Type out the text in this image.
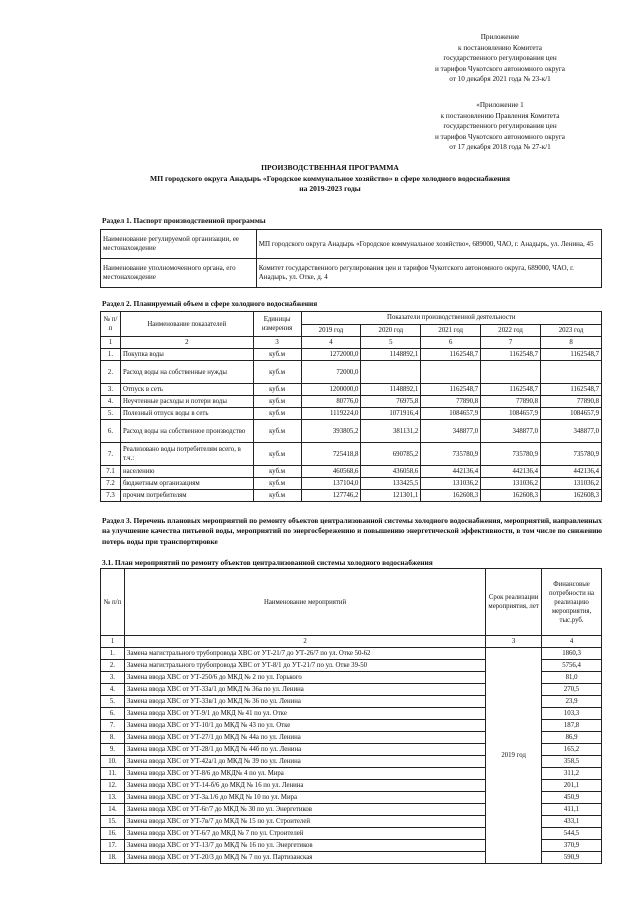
Приложение
к постановлению Комитета
государственного регулирования цен
и тарифов Чукотского автономного округа
от 10 декабря 2021 года № 23-к/1
«Приложение 1
к постановлению Правления Комитета
государственного регулирования цен
и тарифов Чукотского автономного округа
от 17 декабря 2018 года № 27-к/1
ПРОИЗВОДСТВЕННАЯ ПРОГРАММА
МП городского округа Анадырь «Городское коммунальное хозяйство» в сфере холодного водоснабжения
на 2019-2023 годы
Раздел 1. Паспорт производственной программы
Наименование регулируемой организации, ее местонахождение	МП городского округа Анадырь «Городское коммунальное хозяйство», 689000, ЧАО, г. Анадырь, ул. Ленина, 45
Наименование уполномоченного органа, его местонахождение	Комитет государственного регулирования цен и тарифов Чукотского автономного округа, 689000, ЧАО, г. Анадырь, ул. Отке, д. 4
Раздел 2. Планируемый объем в сфере холодного водоснабжения
№ п/п	Наименование показателей	Единицы измерения	Показатели производственной деятельности				
			2019 год	2020 год	2021 год	2022 год	2023 год
1	2	3	4	5	6	7	8
1.	Покупка воды	куб.м	1272000,0	1148892,1	1162548,7	1162548,7	1162548,7
2.	Расход воды на собственные нужды	куб.м	72000,0				
3.	Отпуск в сеть	куб.м	1200000,0	1148892,1	1162548,7	1162548,7	1162548,7
4.	Неучтенные расходы и потери воды	куб.м	80776,0	76975,8	77890,8	77890,8	77890,8
5.	Полезный отпуск воды в сеть	куб.м	1119224,0	1071916,4	1084657,9	1084657,9	1084657,9
6.	Расход воды на собственное производство	куб.м	393805,2	381131,2	348877,0	348877,0	348877,0
7.	Реализовано воды потребителям всего, в т.ч.:	куб.м	725418,8	690785,2	735780,9	735780,9	735780,9
7.1	населению	куб.м	460568,6	436058,6	442136,4	442136,4	442136,4
7.2	бюджетным организациям	куб.м	137104,0	133425,5	131036,2	131036,2	131036,2
7.3	прочим потребителям	куб.м	127746,2	121301,1	162608,3	162608,3	162608,3
Раздел 3. Перечень плановых мероприятий по ремонту объектов централизованной системы холодного водоснабжения, мероприятий, направленных на улучшение качества питьевой воды, мероприятий по энергосбережению и повышению энергетической эффективности, в том числе по снижению потерь воды при транспортировке
3.1. План мероприятий по ремонту объектов централизованной системы холодного водоснабжения
№ п/п	Наименование мероприятий	Срок реализации мероприятия, лет	Финансовые потребности на реализацию мероприятия, тыс.руб.
1	2	3	4
1.	Замена магистрального трубопровода ХВС от УТ-21/7 до УТ-26/7 по ул. Отке 50-62	2019 год	1860,3
2.	Замена магистрального трубопровода ХВС от УТ-8/1 до УТ-21/7 по ул. Отке 39-50		5756,4
3.	Замена ввода ХВС от УТ-250/6 до МКД № 2 по ул. Горького		81,0
4.	Замена ввода ХВС от УТ-33а/1 до МКД № 36а по ул. Ленина		270,5
5.	Замена ввода ХВС от УТ-33в/1 до МКД № 36 по ул. Ленина		23,9
6.	Замена ввода ХВС от УТ-9/1 до МКД № 41 по ул. Отке		103,3
7.	Замена ввода ХВС от УТ-10/1 до МКД № 43 по ул. Отке		187,8
8.	Замена ввода ХВС от УТ-27/1 до МКД № 44а по ул. Ленина		86,9
9.	Замена ввода ХВС от УТ-28/1 до МКД № 44б по ул. Ленина		165,2
10.	Замена ввода ХВС от УТ-42а/1 до МКД № 39 по ул. Ленина		358,5
11.	Замена ввода ХВС от УТ-8/6 до МКД№ 4 по ул. Мира		311,2
12.	Замена ввода ХВС от УТ-14-б/6 до МКД № 16 по ул. Ленина		201,1
13.	Замена ввода ХВС от УТ-3а.1/6 до МКД № 10 по ул. Мира		450,9
14.	Замена ввода ХВС от УТ-6г/7 до МКД № 30 по ул. Энергетиков		411,1
15.	Замена ввода ХВС от УТ-7в/7 до МКД № 15 по ул. Строителей		433,1
16.	Замена ввода ХВС от УТ-6/7 до МКД № 7 по ул. Строителей		544,5
17.	Замена ввода ХВС от УТ-13/7 до МКД № 16 по ул. Энергетиков		370,9
18.	Замена ввода ХВС от УТ-20/3 до МКД № 7 по ул. Партизанская		590,9
